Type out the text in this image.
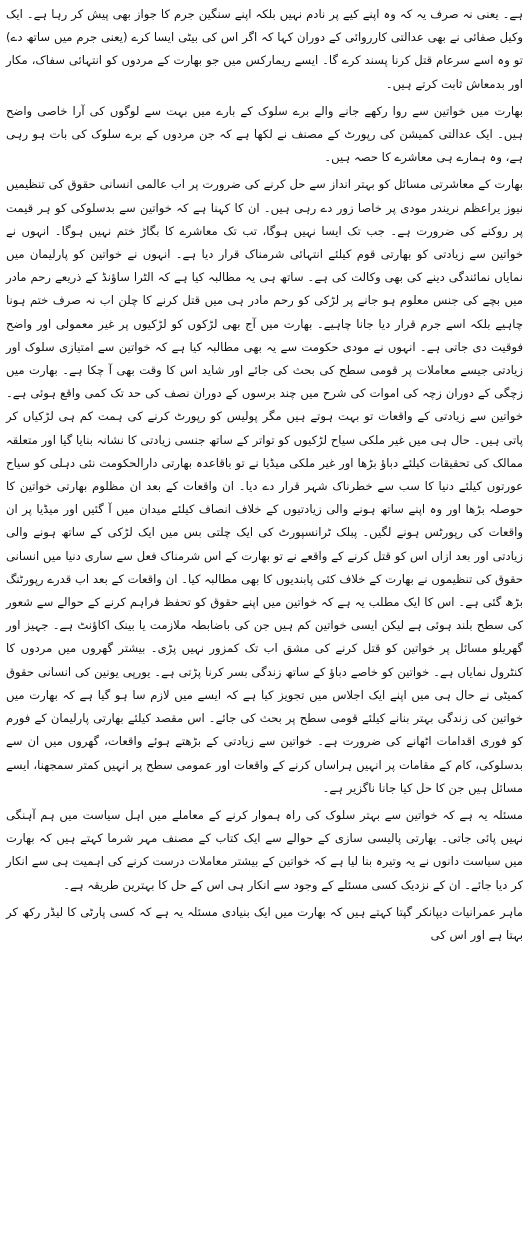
ہے۔ یعنی نہ صرف یہ کہ وہ اپنے کیے پر نادم نہیں بلکہ اپنے سنگین جرم کا جواز بھی پیش کر رہا ہے۔ ایک وکیل صفائی نے بھی عدالتی کارروائی کے دوران کہا کہ اگر اس کی بیٹی ایسا کرے (یعنی جرم میں ساتھ دے) تو وہ اسے سرعام قتل کرنا پسند کرے گا۔ ایسے ریمارکس میں جو بھارت کے مردوں کو انتہائی سفاک، مکار اور بدمعاش ثابت کرتے ہیں۔
بھارت میں خواتین سے روا رکھے جانے والے برے سلوک کے بارے میں بہت سے لوگوں کی آرا خاصی واضح ہیں۔ ایک عدالتی کمیشن کی رپورٹ کے مصنف نے لکھا ہے کہ جن مردوں کے برے سلوک کی بات ہو رہی ہے، وہ ہمارے ہی معاشرے کا حصہ ہیں۔
بھارت کے معاشرتی مسائل کو بہتر انداز سے حل کرنے کی ضرورت پر اب عالمی انسانی حقوق کی تنظیمیں نیوز یراعظم نریندر مودی پر خاصا زور دے رہی ہیں۔ ان کا کہنا ہے کہ خواتین سے بدسلوکی کو ہر قیمت پر روکنے کی ضرورت ہے۔ جب تک ایسا نہیں ہوگا، تب تک معاشرے کا بگاڑ ختم نہیں ہوگا۔ انہوں نے خواتین سے زیادتی کو بھارتی قوم کیلئے انتہائی شرمناک قرار دیا ہے۔ انہوں نے خواتین کو پارلیمان میں نمایاں نمائندگی دینے کی بھی وکالت کی ہے۔ ساتھ ہی یہ مطالبہ کیا ہے کہ الٹرا ساؤنڈ کے ذریعے رحم مادر میں بچے کی جنس معلوم ہو جانے پر لڑکی کو رحم مادر ہی میں قتل کرنے کا چلن اب نہ صرف ختم ہونا چاہیے بلکہ اسے جرم قرار دیا جانا چاہیے۔ بھارت میں آج بھی لڑکوں کو لڑکیوں پر غیر معمولی اور واضح فوقیت دی جاتی ہے۔ انہوں نے مودی حکومت سے یہ بھی مطالبہ کیا ہے کہ خواتین سے امتیازی سلوک اور زیادتی جیسے معاملات پر قومی سطح کی بحث کی جائے اور شاید اس کا وقت بھی آ چکا ہے۔ بھارت میں زچگی کے دوران زچہ کی اموات کی شرح میں چند برسوں کے دوران نصف کی حد تک کمی واقع ہوئی ہے۔ خواتین سے زیادتی کے واقعات تو بہت ہوتے ہیں مگر پولیس کو رپورٹ کرنے کی ہمت کم ہی لڑکیاں کر پاتی ہیں۔ حال ہی میں غیر ملکی سیاح لڑکیوں کو تواتر کے ساتھ جنسی زیادتی کا نشانہ بنایا گیا اور متعلقہ ممالک کی تحقیقات کیلئے دباؤ بڑھا اور غیر ملکی میڈیا نے تو باقاعدہ بھارتی دارالحکومت نئی دہلی کو سیاح عورتوں کیلئے دنیا کا سب سے خطرناک شہر قرار دے دیا۔ ان واقعات کے بعد ان مظلوم بھارتی خواتین کا حوصلہ بڑھا اور وہ اپنے ساتھ ہونے والی زیادتیوں کے خلاف انصاف کیلئے میدان میں آ گئیں اور میڈیا پر ان واقعات کی رپورٹس ہونے لگیں۔ پبلک ٹرانسپورٹ کی ایک چلتی بس میں ایک لڑکی کے ساتھ ہونے والی زیادتی اور بعد ازاں اس کو قتل کرنے کے واقعے نے تو بھارت کے اس شرمناک فعل سے ساری دنیا میں انسانی حقوق کی تنظیموں نے بھارت کے خلاف کئی پابندیوں کا بھی مطالبہ کیا۔ ان واقعات کے بعد اب قدرے رپورٹنگ بڑھ گئی ہے۔ اس کا ایک مطلب یہ ہے کہ خواتین میں اپنے حقوق کو تحفظ فراہم کرنے کے حوالے سے شعور کی سطح بلند ہوئی ہے لیکن ایسی خواتین کم ہیں جن کی باضابطہ ملازمت یا بینک اکاؤنٹ ہے۔ جہیز اور گھریلو مسائل پر خواتین کو قتل کرنے کی مشق اب تک کمزور نہیں پڑی۔ بیشتر گھروں میں مردوں کا کنٹرول نمایاں ہے۔ خواتین کو خاصے دباؤ کے ساتھ زندگی بسر کرنا پڑتی ہے۔ یورپی یونین کی انسانی حقوق کمیٹی نے حال ہی میں اپنے ایک اجلاس میں تجویز کیا ہے کہ ایسے میں لازم سا ہو گیا ہے کہ بھارت میں خواتین کی زندگی بہتر بنانے کیلئے قومی سطح پر بحث کی جائے۔ اس مقصد کیلئے بھارتی پارلیمان کے فورم کو فوری اقدامات اٹھانے کی ضرورت ہے۔ خواتین سے زیادتی کے بڑھتے ہوئے واقعات، گھروں میں ان سے بدسلوکی، کام کے مقامات پر انہیں ہراساں کرنے کے واقعات اور عمومی سطح پر انہیں کمتر سمجھنا، ایسے مسائل ہیں جن کا حل کیا جانا ناگزیر ہے۔
مسئلہ یہ ہے کہ خواتین سے بہتر سلوک کی راہ ہموار کرنے کے معاملے میں اہل سیاست میں ہم آہنگی نہیں پائی جاتی۔ بھارتی پالیسی سازی کے حوالے سے ایک کتاب کے مصنف مہر شرما کہتے ہیں کہ بھارت میں سیاست دانوں نے یہ وتیرہ بنا لیا ہے کہ خواتین کے بیشتر معاملات درست کرنے کی اہمیت ہی سے انکار کر دیا جائے۔ ان کے نزدیک کسی مسئلے کے وجود سے انکار ہی اس کے حل کا بہترین طریقہ ہے۔
ماہر عمرانیات دیپانکر گپتا کہتے ہیں کہ بھارت میں ایک بنیادی مسئلہ یہ ہے کہ کسی پارٹی کا لیڈر رکھ کر بہتا ہے اور اس کی
